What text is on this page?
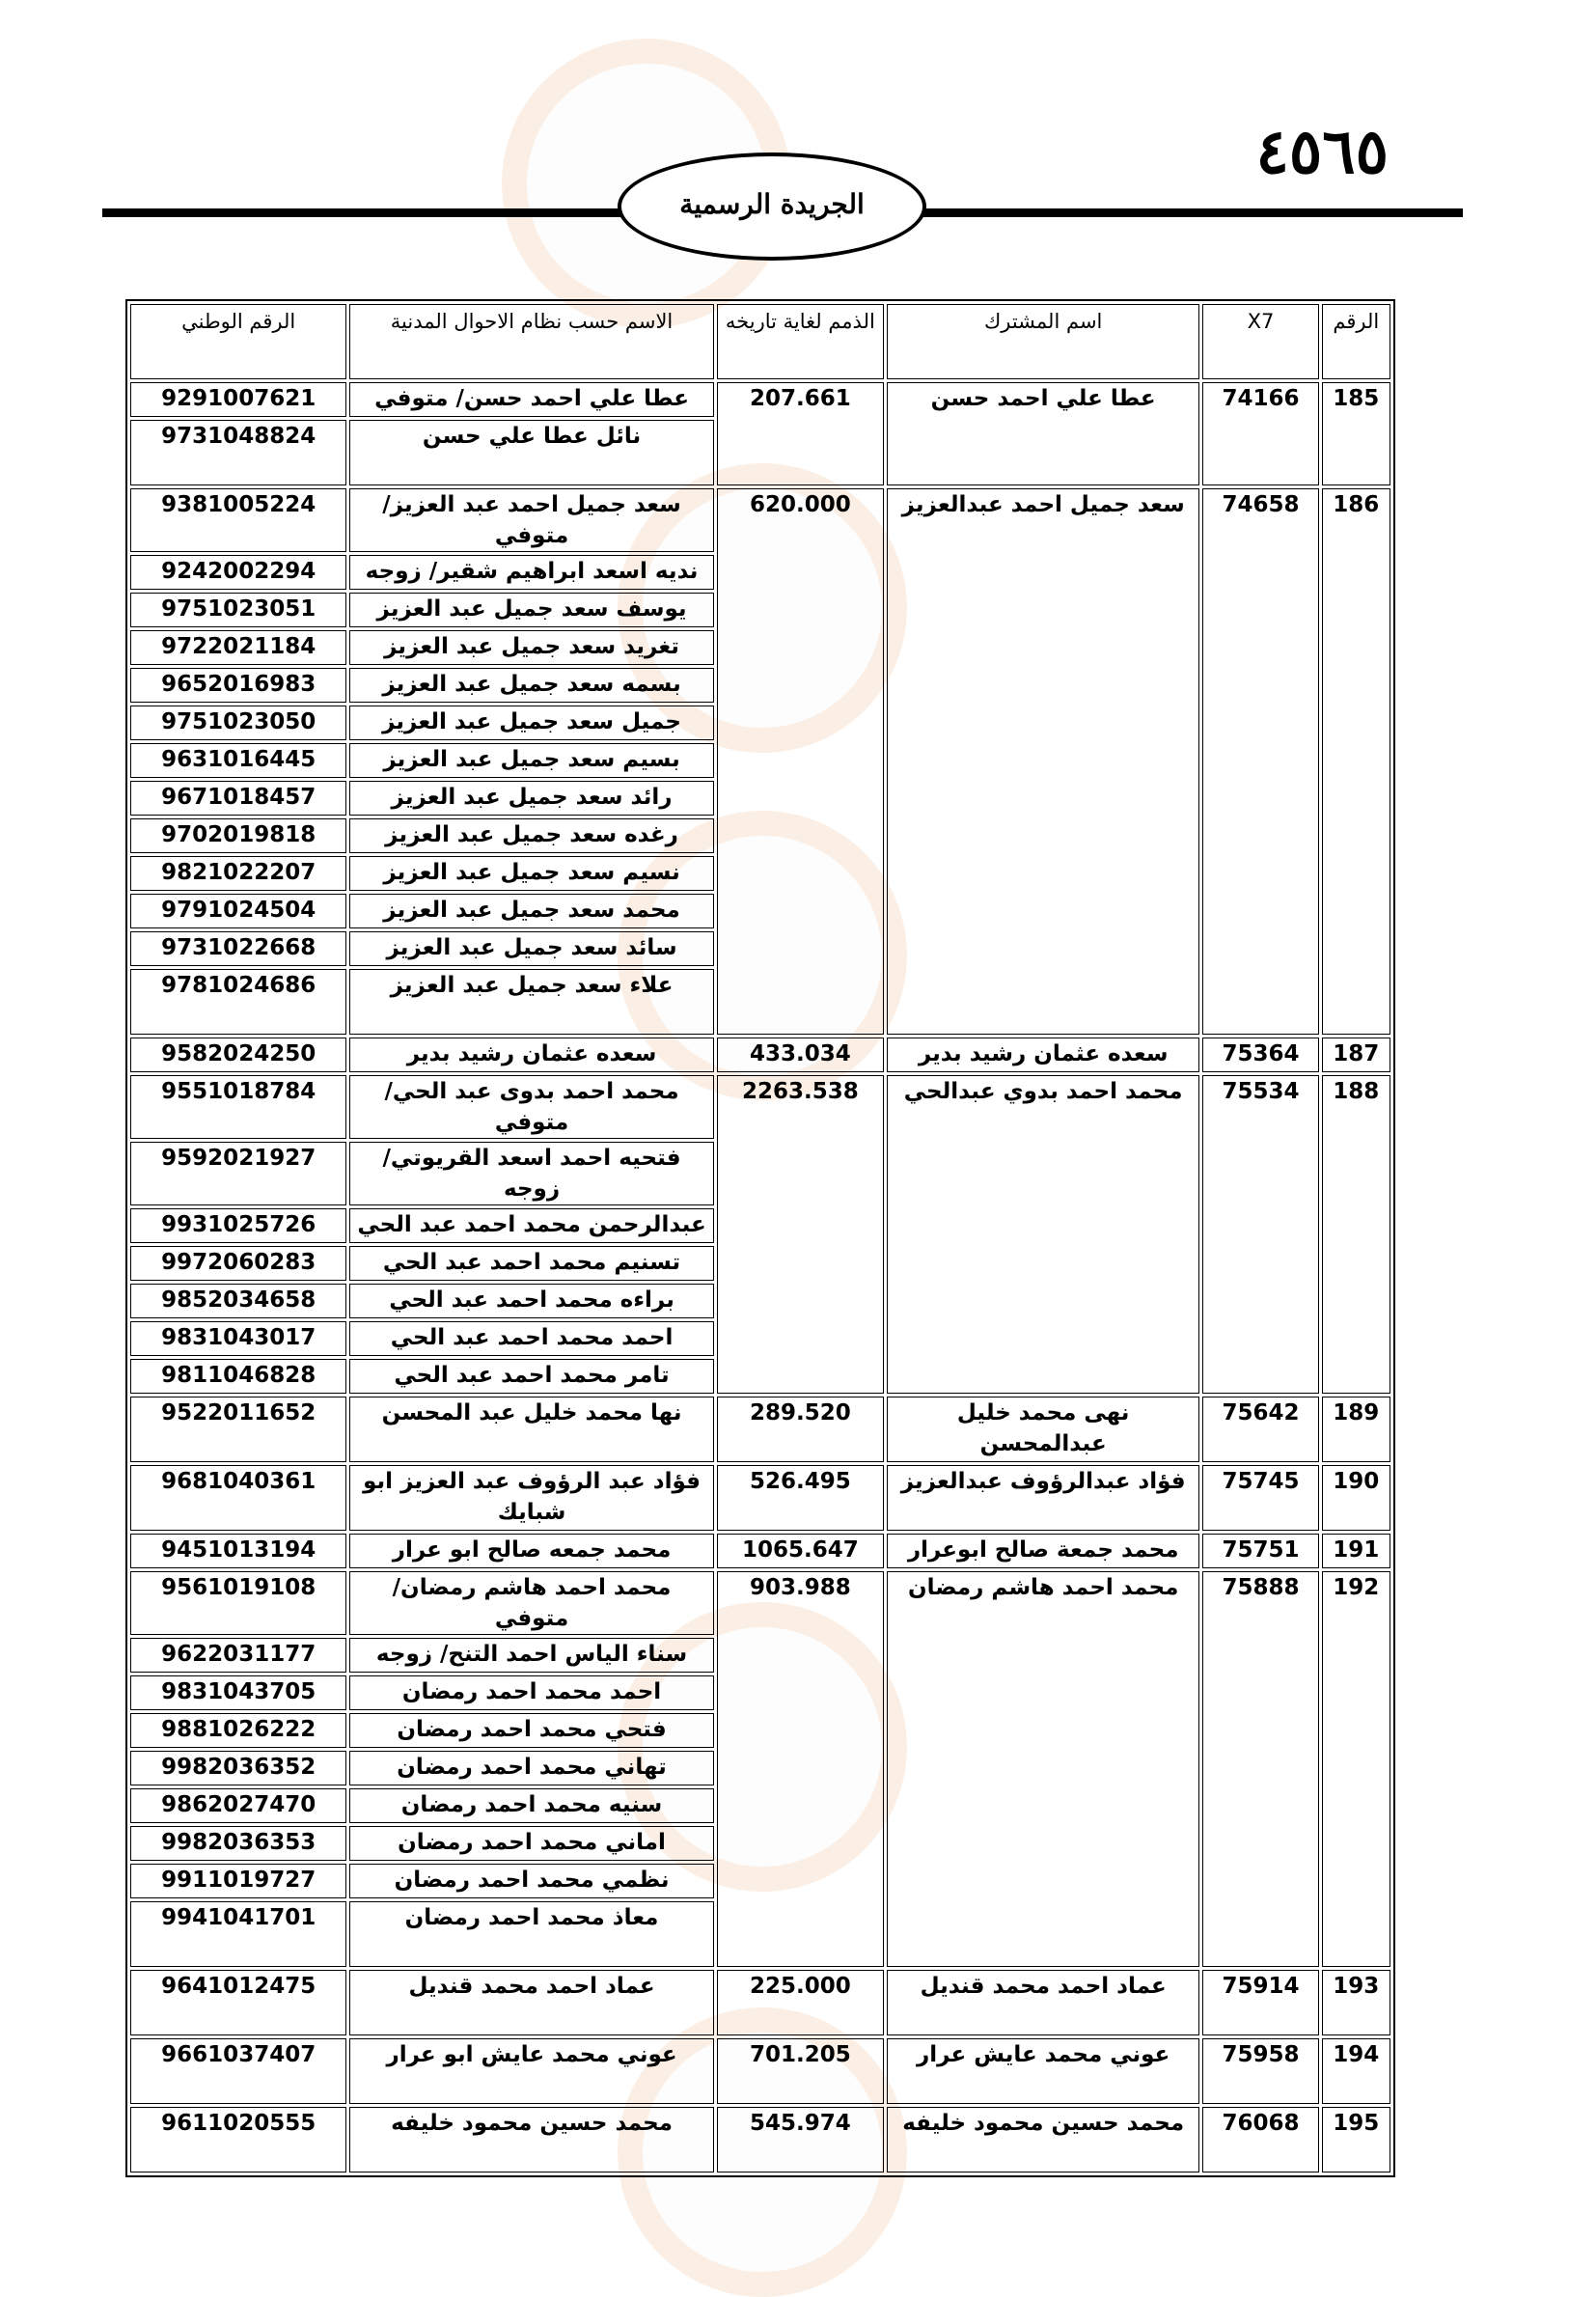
٤٥٦٥
الجريدة الرسمية
الرقم	X7	اسم المشترك	الذمم لغاية تاريخه	الاسم حسب نظام الاحوال المدنية	الرقم الوطني
185	74166	عطا علي احمد حسن	207.661	عطا علي احمد حسن/ متوفي	9291007621
				نائل عطا علي حسن	9731048824
186	74658	سعد جميل احمد عبدالعزيز	620.000	سعد جميل احمد عبد العزيز/ متوفي	9381005224
				نديه اسعد ابراهيم شقير/ زوجه	9242002294
				يوسف سعد جميل عبد العزيز	9751023051
				تغريد سعد جميل عبد العزيز	9722021184
				بسمه سعد جميل عبد العزيز	9652016983
				جميل سعد جميل عبد العزيز	9751023050
				بسيم سعد جميل عبد العزيز	9631016445
				رائد سعد جميل عبد العزيز	9671018457
				رغده سعد جميل عبد العزيز	9702019818
				نسيم سعد جميل عبد العزيز	9821022207
				محمد سعد جميل عبد العزيز	9791024504
				سائد سعد جميل عبد العزيز	9731022668
				علاء سعد جميل عبد العزيز	9781024686
187	75364	سعده عثمان رشيد بدير	433.034	سعده عثمان رشيد بدير	9582024250
188	75534	محمد احمد بدوي عبدالحي	2263.538	محمد احمد بدوى عبد الحي/ متوفي	9551018784
				فتحيه احمد اسعد القريوتي/ زوجه	9592021927
				عبدالرحمن محمد احمد عبد الحي	9931025726
				تسنيم محمد احمد عبد الحي	9972060283
				براءه محمد احمد عبد الحي	9852034658
				احمد محمد احمد عبد الحي	9831043017
				تامر محمد احمد عبد الحي	9811046828
189	75642	نهى محمد خليل عبدالمحسن	289.520	نها محمد خليل عبد المحسن	9522011652
190	75745	فؤاد عبدالرؤوف عبدالعزيز	526.495	فؤاد عبد الرؤوف عبد العزيز ابو شبايك	9681040361
191	75751	محمد جمعة صالح ابوعرار	1065.647	محمد جمعه صالح ابو عرار	9451013194
192	75888	محمد احمد هاشم رمضان	903.988	محمد احمد هاشم رمضان/ متوفي	9561019108
				سناء الياس احمد التنح/ زوجه	9622031177
				احمد محمد احمد رمضان	9831043705
				فتحي محمد احمد رمضان	9881026222
				تهاني محمد احمد رمضان	9982036352
				سنيه محمد احمد رمضان	9862027470
				اماني محمد احمد رمضان	9982036353
				نظمي محمد احمد رمضان	9911019727
				معاذ محمد احمد رمضان	9941041701
193	75914	عماد احمد محمد قنديل	225.000	عماد احمد محمد قنديل	9641012475
194	75958	عوني محمد عايش عرار	701.205	عوني محمد عايش ابو عرار	9661037407
195	76068	محمد حسين محمود خليفه	545.974	محمد حسين محمود خليفه	9611020555
